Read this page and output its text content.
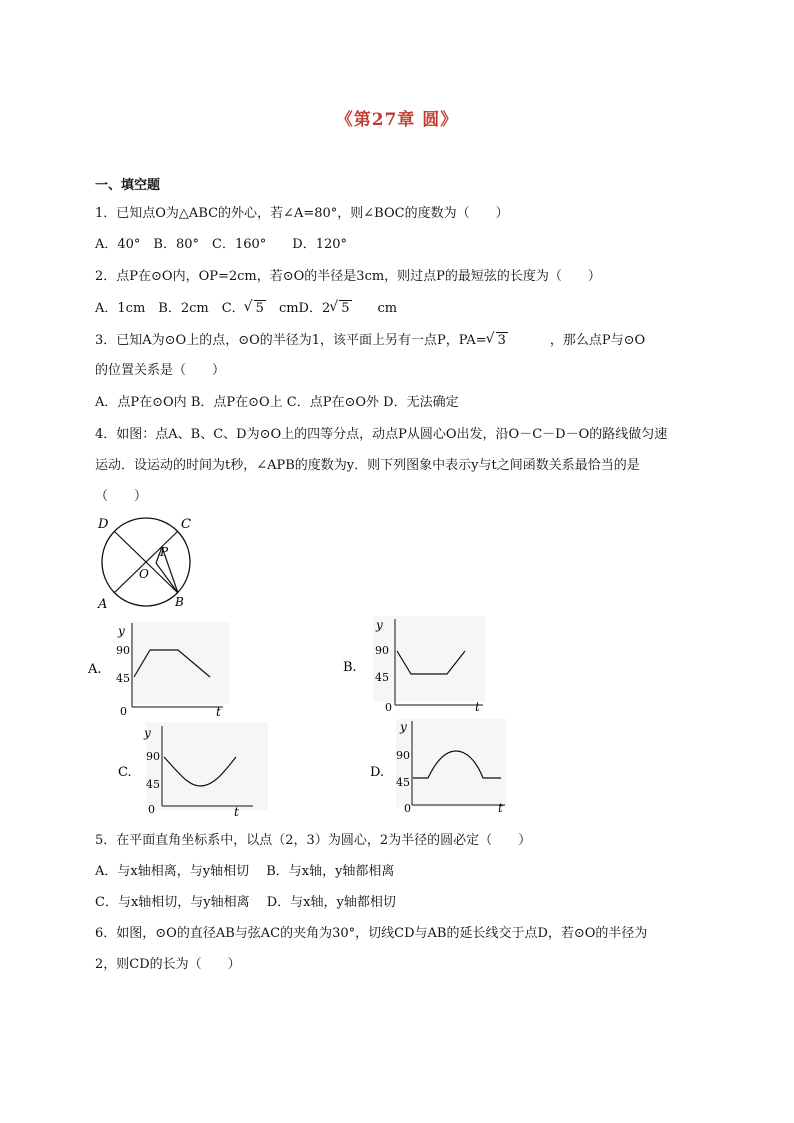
《第27章 圆》
一、填空题
1．已知点O为△ABC的外心，若∠A=80°，则∠BOC的度数为（　　）
A．40°　B．80°　C．160°　　D．120°
2．点P在⊙O内，OP=2cm，若⊙O的半径是3cm，则过点P的最短弦的长度为（　　）
A．1cm　B．2cm　C． √ 5　cmD．2 √ 5　　cm
3．已知A为⊙O上的点，⊙O的半径为1，该平面上另有一点P，PA= √ 3	，那么点P与⊙O
的位置关系是（　　）
A．点P在⊙O内 B．点P在⊙O上 C．点P在⊙O外 D．无法确定
4．如图：点A、B、C、D为⊙O上的四等分点，动点P从圆心O出发，沿O－C－D－O的路线做匀速
运动．设运动的时间为t秒，∠APB的度数为y．则下列图象中表示y与t之间函数关系最恰当的是
（　　）
D	C
P
O
A	B
A.
y
t
0
90
45
B.
y
t
0
90
45
C.
y
t
0
90
45
D.
y
t
0
90
45
5．在平面直角坐标系中，以点（2，3）为圆心，2为半径的圆必定（　　）
A．与x轴相离，与y轴相切　 B．与x轴，y轴都相离
C．与x轴相切，与y轴相离　 D．与x轴，y轴都相切
6．如图，⊙O的直径AB与弦AC的夹角为30°，切线CD与AB的延长线交于点D，若⊙O的半径为
2，则CD的长为（　　）
